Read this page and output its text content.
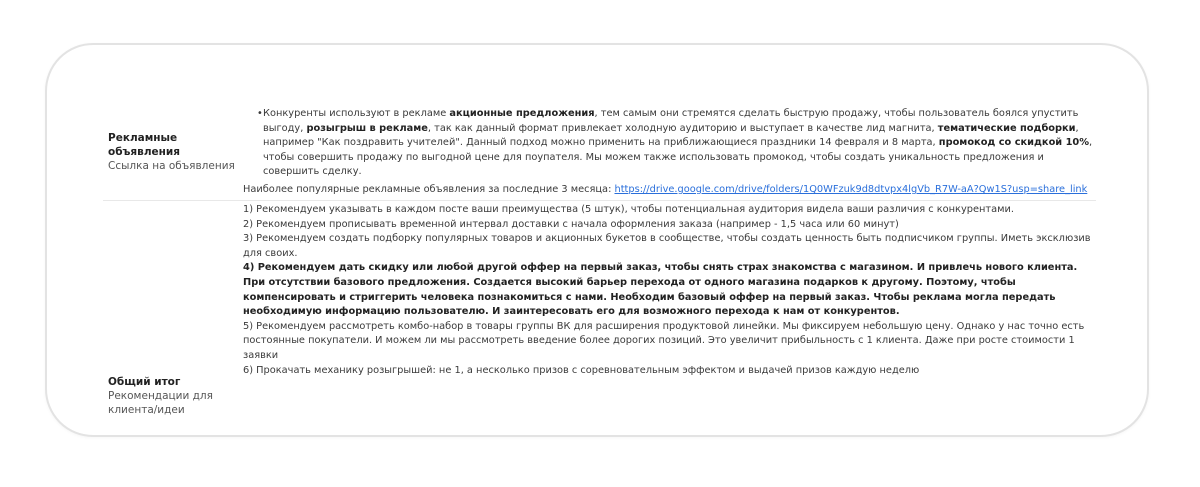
Рекламные объявления
Ссылка на объявления

• Конкуренты используют в рекламе акционные предложения, тем самым они стремятся сделать быструю продажу, чтобы пользователь боялся упустить выгоду, розыгрыш в рекламе, так как данный формат привлекает холодную аудиторию и выступает в качестве лид магнита, тематические подборки, например "Как поздравить учителей". Данный подход можно применить на приближающиеся праздники 14 февраля и 8 марта, промокод со скидкой 10%, чтобы совершить продажу по выгодной цене для поупателя. Мы можем также использовать промокод, чтобы создать уникальность предложения и совершить сделку.

Наиболее популярные рекламные объявления за последние 3 месяца: https://drive.google.com/drive/folders/1Q0WFzuk9d8dtvpx4lgVb_R7W-aA?Qw1S?usp=share_link

Общий итог
Рекомендации для клиента/идеи

1) Рекомендуем указывать в каждом посте ваши преимущества (5 штук), чтобы потенциальная аудитория видела ваши различия с конкурентами.

2) Рекомендуем прописывать временной интервал доставки с начала оформления заказа (например - 1,5 часа или 60 минут)

3) Рекомендуем создать подборку популярных товаров и акционных букетов в сообществе, чтобы создать ценность быть подписчиком группы. Иметь эксклюзив для своих.

4) Рекомендуем дать скидку или любой другой оффер на первый заказ, чтобы снять страх знакомства с магазином. И привлечь нового клиента. При отсутствии базового предложения. Создается высокий барьер перехода от одного магазина подарков к другому. Поэтому, чтобы компенсировать и стриггерить человека познакомиться с нами. Необходим базовый оффер на первый заказ. Чтобы реклама могла передать необходимую информацию пользователю. И заинтересовать его для возможного перехода к нам от конкурентов.

5) Рекомендуем рассмотреть комбо-набор в товары группы ВК для расширения продуктовой линейки. Мы фиксируем небольшую цену. Однако у нас точно есть постоянные покупатели. И можем ли мы рассмотреть введение более дорогих позиций. Это увеличит прибыльность с 1 клиента. Даже при росте стоимости 1 заявки

6) Прокачать механику розыгрышей: не 1, а несколько призов с соревновательным эффектом и выдачей призов каждую неделю
